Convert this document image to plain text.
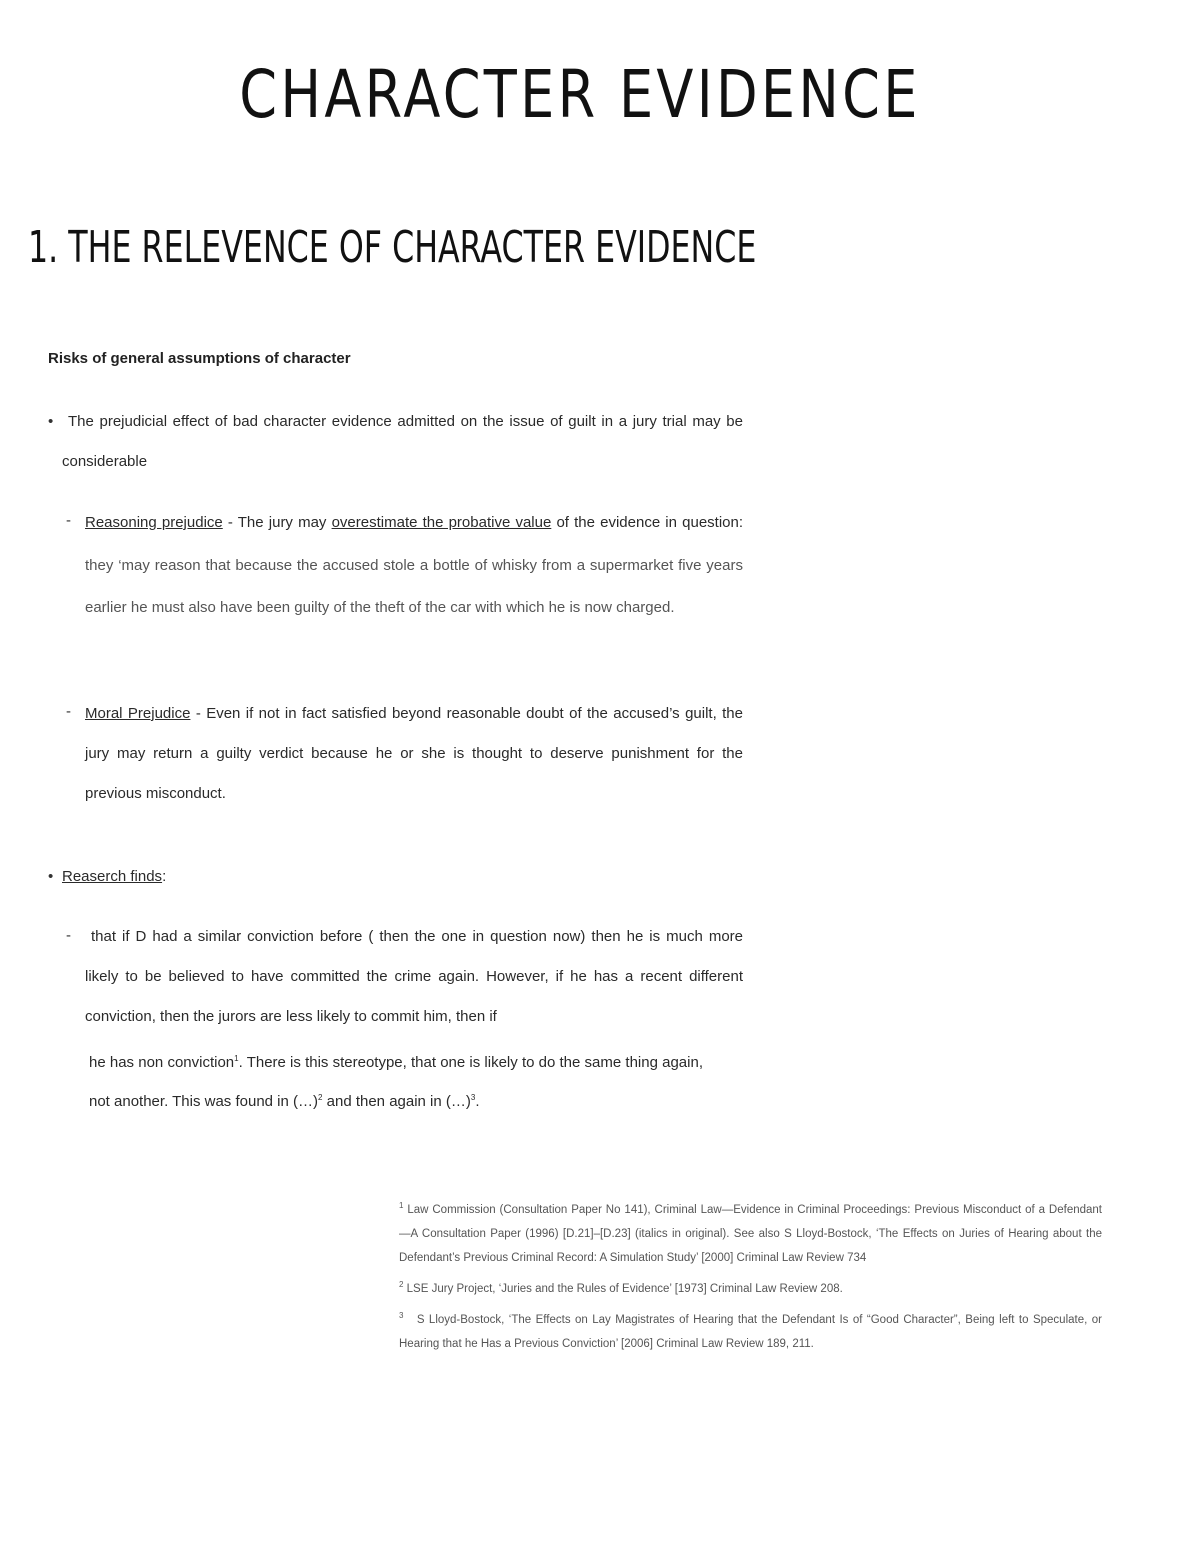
CHARACTER EVIDENCE
1. THE RELEVENCE OF CHARACTER EVIDENCE
Risks of general assumptions of character
• The prejudicial effect of bad character evidence admitted on the issue of guilt in a jury trial may be considerable
- Reasoning prejudice - The jury may overestimate the probative value of the evidence in question: they ‘may reason that because the accused stole a bottle of whisky from a supermarket five years earlier he must also have been guilty of the theft of the car with which he is now charged.
- Moral Prejudice - Even if not in fact satisfied beyond reasonable doubt of the accused’s guilt, the jury may return a guilty verdict because he or she is thought to deserve punishment for the previous misconduct.
• Reaserch finds:
-	that if D had a similar conviction before ( then the one in question now) then he is much more likely to be believed to have committed the crime again. However, if he has a recent different conviction, then the jurors are less likely to commit him, then if
he has non conviction$^1$. There is this stereotype, that one is likely to do the same thing again, not another. This was found in (…)$^2$ and then again in (…)$^3$.

$^1$ Law Commission (Consultation Paper No 141), Criminal Law—Evidence in Criminal Proceedings: Previous Misconduct of a Defendant—A Consultation Paper (1996) [D.21]–[D.23] (italics in original). See also S Lloyd-Bostock, ‘The Effects on Juries of Hearing about the Defendant’s Previous Criminal Record: A Simulation Study’ [2000] Criminal Law Review 734

$^2$ LSE Jury Project, ‘Juries and the Rules of Evidence’ [1973] Criminal Law Review 208.

$^3$ S Lloyd-Bostock, ‘The Effects on Lay Magistrates of Hearing that the Defendant Is of “Good Character”, Being left to Speculate, or Hearing that he Has a Previous Conviction’ [2006] Criminal Law Review 189, 211.
